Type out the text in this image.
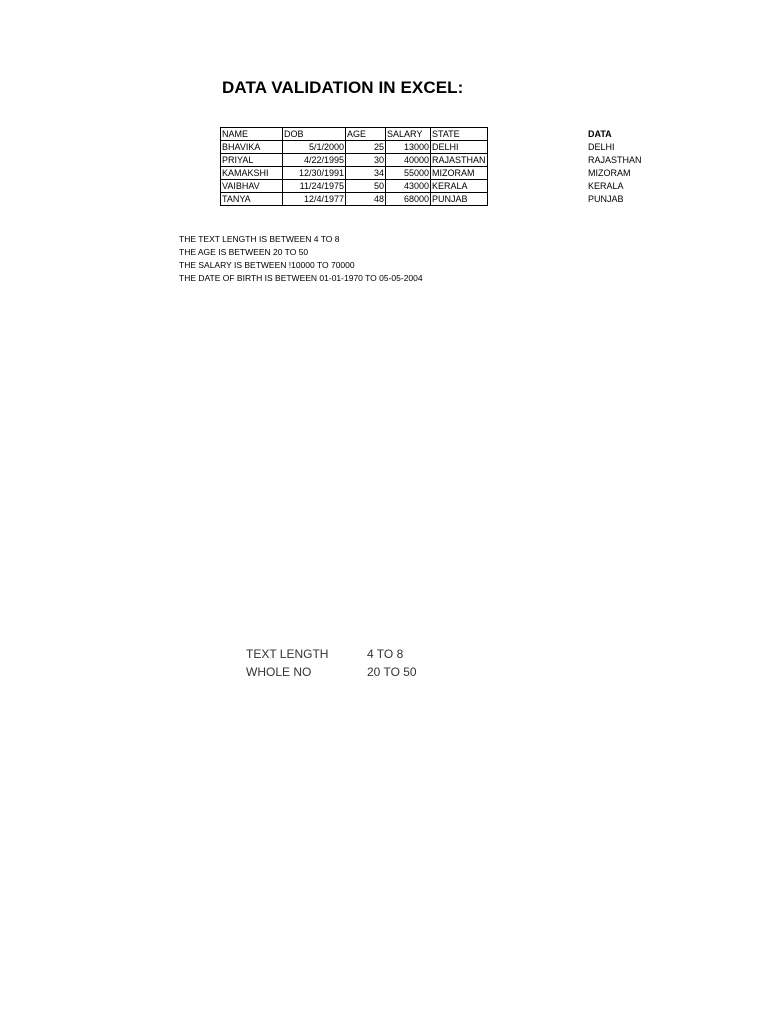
DATA VALIDATION IN EXCEL:
NAME	DOB	AGE	SALARY	STATE
BHAVIKA	5/1/2000	25	13000	DELHI
PRIYAL	4/22/1995	30	40000	RAJASTHAN
KAMAKSHI	12/30/1991	34	55000	MIZORAM
VAIBHAV	11/24/1975	50	43000	KERALA
TANYA	12/4/1977	48	68000	PUNJAB
DATA
DELHI
RAJASTHAN
MIZORAM
KERALA
PUNJAB
THE TEXT LENGTH IS BETWEEN 4 TO 8
THE AGE IS BETWEEN 20 TO 50
THE SALARY IS BETWEEN !10000 TO 70000
THE DATE OF BIRTH IS BETWEEN 01-01-1970 TO 05-05-2004
TEXT LENGTH	4 TO 8
WHOLE NO	20 TO 50
